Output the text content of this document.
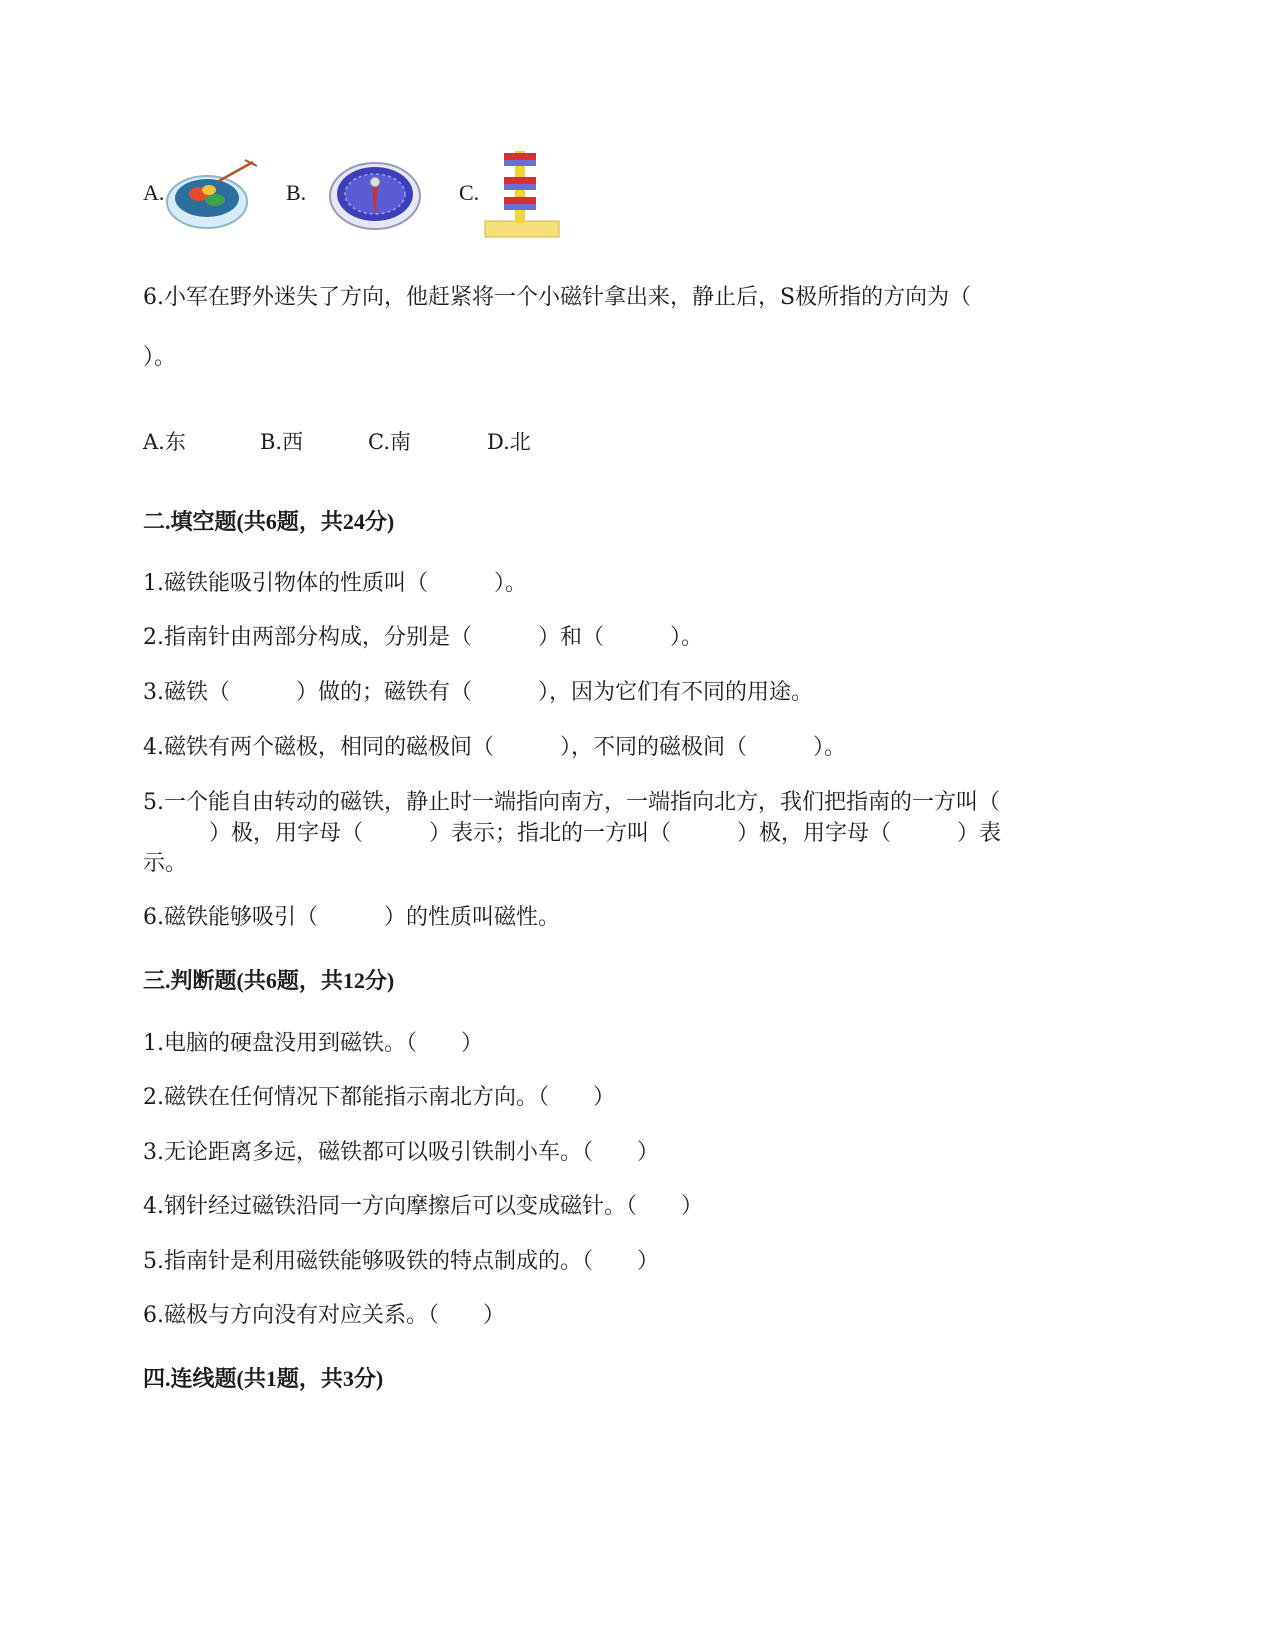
A.	B.	C.
6.小军在野外迷失了方向，他赶紧将一个小磁针拿出来，静止后，S极所指的方向为（
）。
A.东	B.西	C.南	D.北
二.填空题(共6题，共24分)
1.磁铁能吸引物体的性质叫（　　　）。
2.指南针由两部分构成，分别是（　　　）和（　　　）。
3.磁铁（　　　）做的；磁铁有（　　　），因为它们有不同的用途。
4.磁铁有两个磁极，相同的磁极间（　　　），不同的磁极间（　　　）。
5.一个能自由转动的磁铁，静止时一端指向南方，一端指向北方，我们把指南的一方叫（
　　　）极，用字母（　　　）表示；指北的一方叫（　　　）极，用字母（　　　）表
示。
6.磁铁能够吸引（　　　）的性质叫磁性。
三.判断题(共6题，共12分)
1.电脑的硬盘没用到磁铁。（　　）
2.磁铁在任何情况下都能指示南北方向。（　　）
3.无论距离多远，磁铁都可以吸引铁制小车。（　　）
4.钢针经过磁铁沿同一方向摩擦后可以变成磁针。（　　）
5.指南针是利用磁铁能够吸铁的特点制成的。（　　）
6.磁极与方向没有对应关系。（　　）
四.连线题(共1题，共3分)
